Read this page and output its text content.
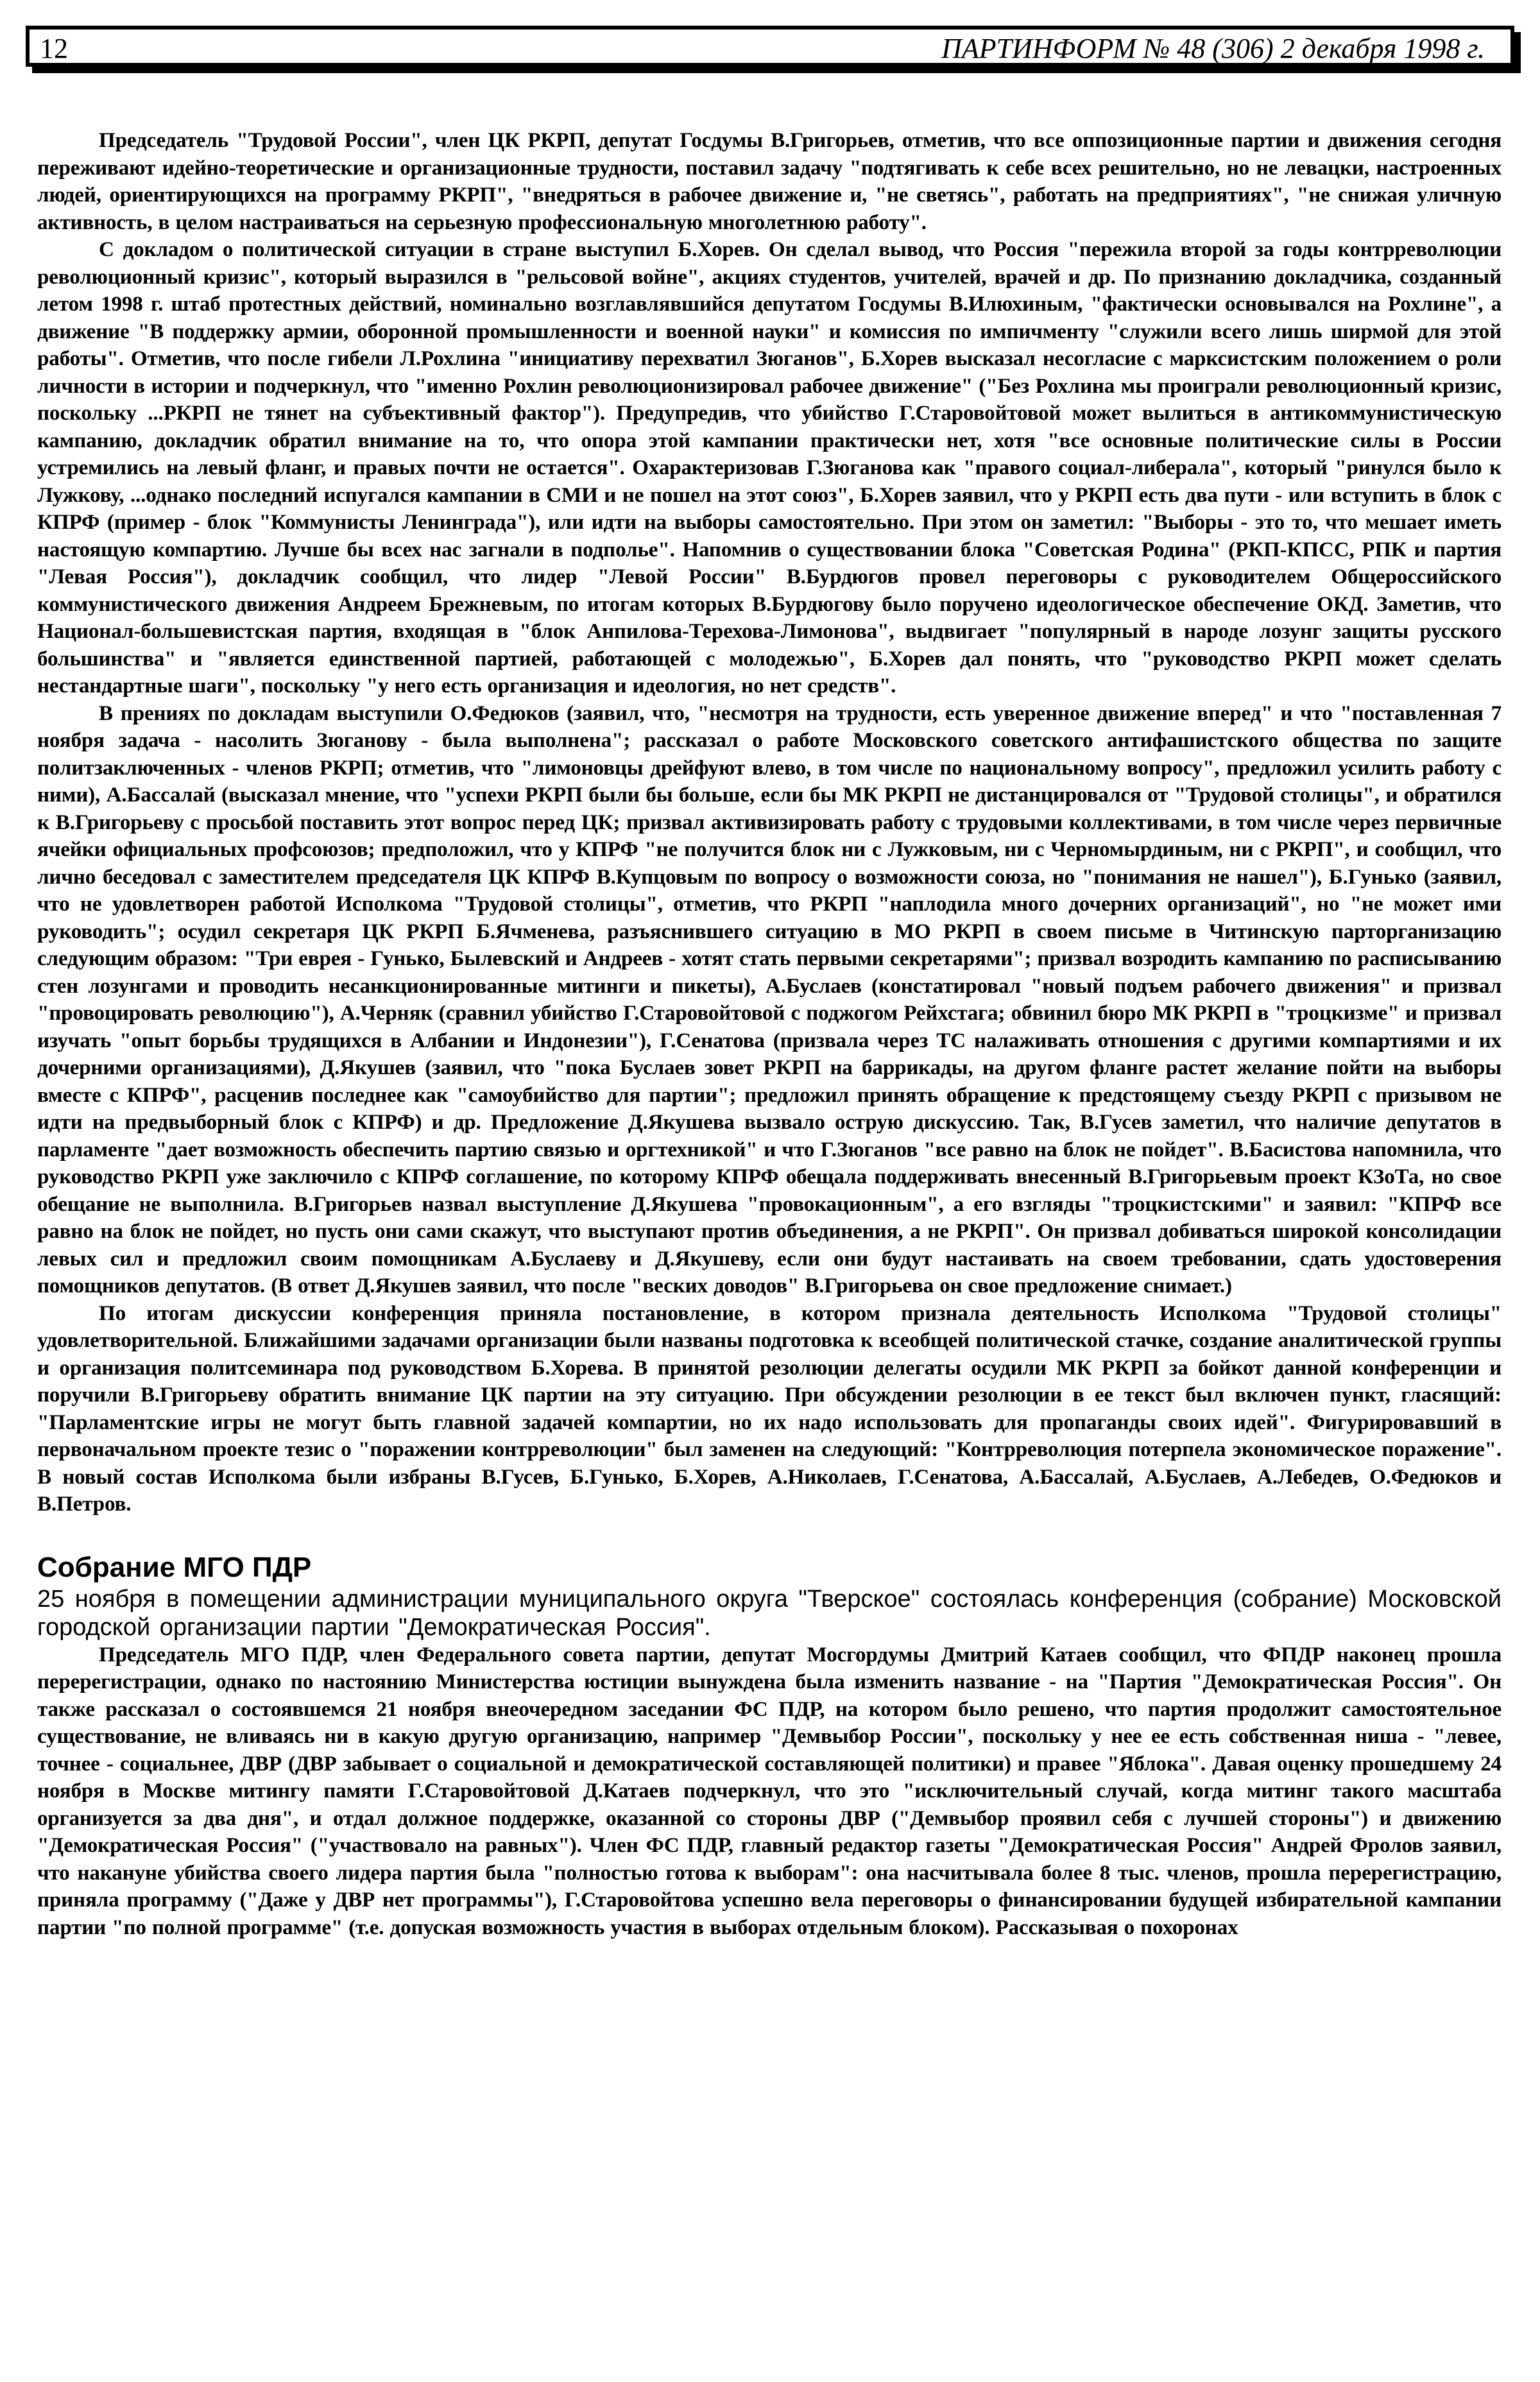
12	ПАРТИНФОРМ № 48 (306) 2 декабря 1998 г.

Председатель "Трудовой России", член ЦК РКРП, депутат Госдумы В.Григорьев, отметив, что все оппозиционные партии и движения сегодня переживают идейно-теоретические и организационные трудности, поставил задачу "подтягивать к себе всех решительно, но не левацки, настроенных людей, ориентирующихся на программу РКРП", "внедряться в рабочее движение и, "не светясь", работать на предприятиях", "не снижая уличную активность, в целом настраиваться на серьезную профессиональную многолетнюю работу".

С докладом о политической ситуации в стране выступил Б.Хорев. Он сделал вывод, что Россия "пережила второй за годы контрреволюции революционный кризис", который выразился в "рельсовой войне", акциях студентов, учителей, врачей и др. По признанию докладчика, созданный летом 1998 г. штаб протестных действий, номинально возглавлявшийся депутатом Госдумы В.Илюхиным, "фактически основывался на Рохлине", а движение "В поддержку армии, оборонной промышленности и военной науки" и комиссия по импичменту "служили всего лишь ширмой для этой работы". Отметив, что после гибели Л.Рохлина "инициативу перехватил Зюганов", Б.Хорев высказал несогласие с марксистским положением о роли личности в истории и подчеркнул, что "именно Рохлин революционизировал рабочее движение" ("Без Рохлина мы проиграли революционный кризис, поскольку ...РКРП не тянет на субъективный фактор"). Предупредив, что убийство Г.Старовойтовой может вылиться в антикоммунистическую кампанию, докладчик обратил внимание на то, что опора этой кампании практически нет, хотя "все основные политические силы в России устремились на левый фланг, и правых почти не остается". Охарактеризовав Г.Зюганова как "правого социал-либерала", который "ринулся было к Лужкову, ...однако последний испугался кампании в СМИ и не пошел на этот союз", Б.Хорев заявил, что у РКРП есть два пути - или вступить в блок с КПРФ (пример - блок "Коммунисты Ленинграда"), или идти на выборы самостоятельно. При этом он заметил: "Выборы - это то, что мешает иметь настоящую компартию. Лучше бы всех нас загнали в подполье". Напомнив о существовании блока "Советская Родина" (РКП-КПСС, РПК и партия "Левая Россия"), докладчик сообщил, что лидер "Левой России" В.Бурдюгов провел переговоры с руководителем Общероссийского коммунистического движения Андреем Брежневым, по итогам которых В.Бурдюгову было поручено идеологическое обеспечение ОКД. Заметив, что Национал-большевистская партия, входящая в "блок Анпилова-Терехова-Лимонова", выдвигает "популярный в народе лозунг защиты русского большинства" и "является единственной партией, работающей с молодежью", Б.Хорев дал понять, что "руководство РКРП может сделать нестандартные шаги", поскольку "у него есть организация и идеология, но нет средств".

В прениях по докладам выступили О.Федюков (заявил, что, "несмотря на трудности, есть уверенное движение вперед" и что "поставленная 7 ноября задача - насолить Зюганову - была выполнена"; рассказал о работе Московского советского антифашистского общества по защите политзаключенных - членов РКРП; отметив, что "лимоновцы дрейфуют влево, в том числе по национальному вопросу", предложил усилить работу с ними), А.Бассалай (высказал мнение, что "успехи РКРП были бы больше, если бы МК РКРП не дистанцировался от "Трудовой столицы", и обратился к В.Григорьеву с просьбой поставить этот вопрос перед ЦК; призвал активизировать работу с трудовыми коллективами, в том числе через первичные ячейки официальных профсоюзов; предположил, что у КПРФ "не получится блок ни с Лужковым, ни с Черномырдиным, ни с РКРП", и сообщил, что лично беседовал с заместителем председателя ЦК КПРФ В.Купцовым по вопросу о возможности союза, но "понимания не нашел"), Б.Гунько (заявил, что не удовлетворен работой Исполкома "Трудовой столицы", отметив, что РКРП "наплодила много дочерних организаций", но "не может ими руководить"; осудил секретаря ЦК РКРП Б.Ячменева, разъяснившего ситуацию в МО РКРП в своем письме в Читинскую парторганизацию следующим образом: "Три еврея - Гунько, Былевский и Андреев - хотят стать первыми секретарями"; призвал возродить кампанию по расписыванию стен лозунгами и проводить несанкционированные митинги и пикеты), А.Буслаев (констатировал "новый подъем рабочего движения" и призвал "провоцировать революцию"), А.Черняк (сравнил убийство Г.Старовойтовой с поджогом Рейхстага; обвинил бюро МК РКРП в "троцкизме" и призвал изучать "опыт борьбы трудящихся в Албании и Индонезии"), Г.Сенатова (призвала через ТС налаживать отношения с другими компартиями и их дочерними организациями), Д.Якушев (заявил, что "пока Буслаев зовет РКРП на баррикады, на другом фланге растет желание пойти на выборы вместе с КПРФ", расценив последнее как "самоубийство для партии"; предложил принять обращение к предстоящему съезду РКРП с призывом не идти на предвыборный блок с КПРФ) и др. Предложение Д.Якушева вызвало острую дискуссию. Так, В.Гусев заметил, что наличие депутатов в парламенте "дает возможность обеспечить партию связью и оргтехникой" и что Г.Зюганов "все равно на блок не пойдет". В.Басистова напомнила, что руководство РКРП уже заключило с КПРФ соглашение, по которому КПРФ обещала поддерживать внесенный В.Григорьевым проект КЗоТа, но свое обещание не выполнила. В.Григорьев назвал выступление Д.Якушева "провокационным", а его взгляды "троцкистскими" и заявил: "КПРФ все равно на блок не пойдет, но пусть они сами скажут, что выступают против объединения, а не РКРП". Он призвал добиваться широкой консолидации левых сил и предложил своим помощникам А.Буслаеву и Д.Якушеву, если они будут настаивать на своем требовании, сдать удостоверения помощников депутатов. (В ответ Д.Якушев заявил, что после "веских доводов" В.Григорьева он свое предложение снимает.)

По итогам дискуссии конференция приняла постановление, в котором признала деятельность Исполкома "Трудовой столицы" удовлетворительной. Ближайшими задачами организации были названы подготовка к всеобщей политической стачке, создание аналитической группы и организация политсеминара под руководством Б.Хорева. В принятой резолюции делегаты осудили МК РКРП за бойкот данной конференции и поручили В.Григорьеву обратить внимание ЦК партии на эту ситуацию. При обсуждении резолюции в ее текст был включен пункт, гласящий: "Парламентские игры не могут быть главной задачей компартии, но их надо использовать для пропаганды своих идей". Фигурировавший в первоначальном проекте тезис о "поражении контрреволюции" был заменен на следующий: "Контрреволюция потерпела экономическое поражение". В новый состав Исполкома были избраны В.Гусев, Б.Гунько, Б.Хорев, А.Николаев, Г.Сенатова, А.Бассалай, А.Буслаев, А.Лебедев, О.Федюков и В.Петров.

Собрание МГО ПДР

25 ноября в помещении администрации муниципального округа "Тверское" состоялась конференция (собрание) Московской городской организации партии "Демократическая Россия".

Председатель МГО ПДР, член Федерального совета партии, депутат Мосгордумы Дмитрий Катаев сообщил, что ФПДР наконец прошла перерегистрации, однако по настоянию Министерства юстиции вынуждена была изменить название - на "Партия "Демократическая Россия". Он также рассказал о состоявшемся 21 ноября внеочередном заседании ФС ПДР, на котором было решено, что партия продолжит самостоятельное существование, не вливаясь ни в какую другую организацию, например "Демвыбор России", поскольку у нее ее есть собственная ниша - "левее, точнее - социальнее, ДВР (ДВР забывает о социальной и демократической составляющей политики) и правее "Яблока". Давая оценку прошедшему 24 ноября в Москве митингу памяти Г.Старовойтовой Д.Катаев подчеркнул, что это "исключительный случай, когда митинг такого масштаба организуется за два дня", и отдал должное поддержке, оказанной со стороны ДВР ("Демвыбор проявил себя с лучшей стороны") и движению "Демократическая Россия" ("участвовало на равных"). Член ФС ПДР, главный редактор газеты "Демократическая Россия" Андрей Фролов заявил, что накануне убийства своего лидера партия была "полностью готова к выборам": она насчитывала более 8 тыс. членов, прошла перерегистрацию, приняла программу ("Даже у ДВР нет программы"), Г.Старовойтова успешно вела переговоры о финансировании будущей избирательной кампании партии "по полной программе" (т.е. допуская возможность участия в выборах отдельным блоком). Рассказывая о похоронах
